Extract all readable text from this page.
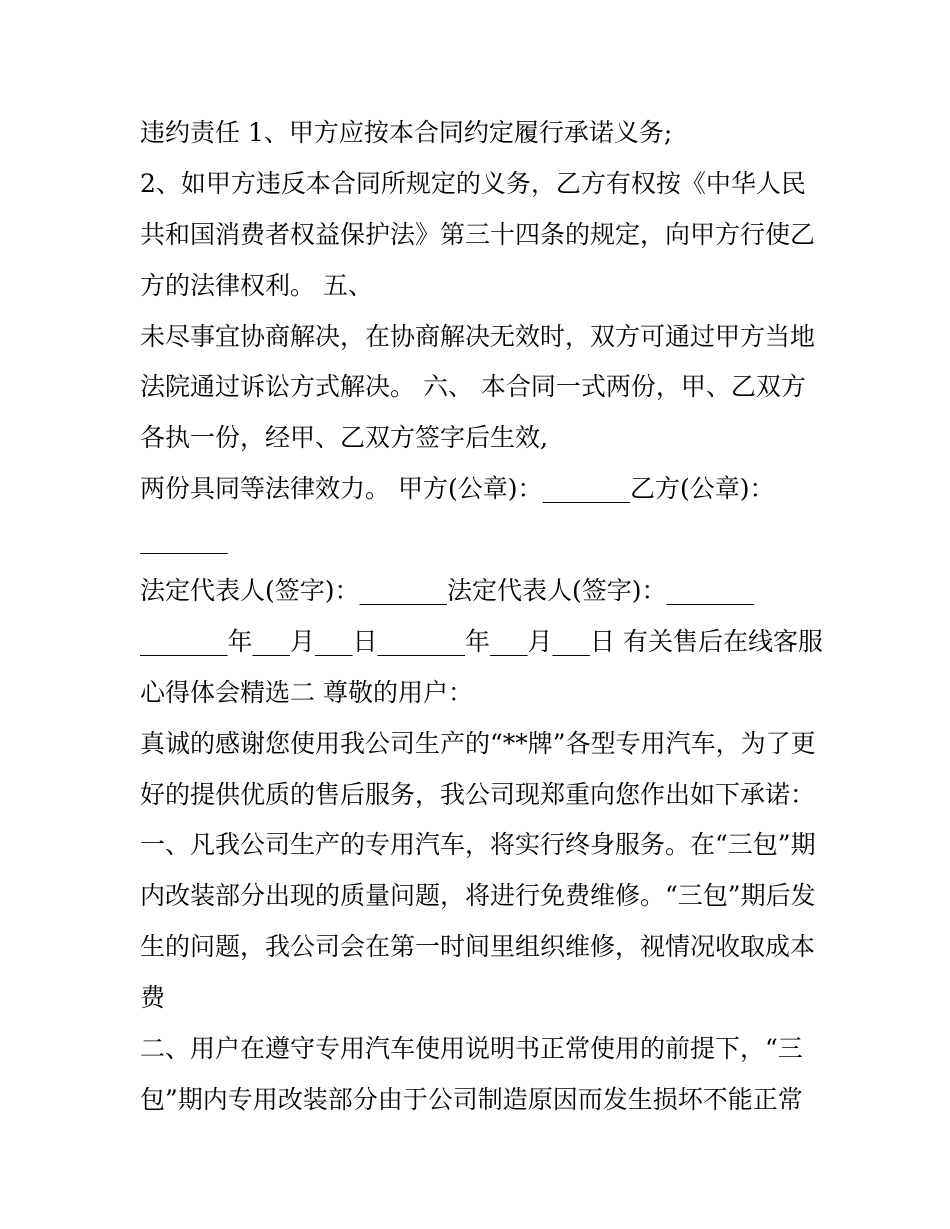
违约责任 1、甲方应按本合同约定履行承诺义务;
2、如甲方违反本合同所规定的义务，乙方有权按《中华人民
共和国消费者权益保护法》第三十四条的规定，向甲方行使乙
方的法律权利。 五、
未尽事宜协商解决，在协商解决无效时，双方可通过甲方当地
法院通过诉讼方式解决。 六、 本合同一式两份，甲、乙双方
各执一份，经甲、乙双方签字后生效,
两份具同等法律效力。 甲方(公章)：_______乙方(公章)：
_______
法定代表人(签字)：_______法定代表人(签字)：_______
_______年___月___日_______年___月___日 有关售后在线客服
心得体会精选二 尊敬的用户：
真诚的感谢您使用我公司生产的“**牌”各型专用汽车，为了更
好的提供优质的售后服务，我公司现郑重向您作出如下承诺：
一、凡我公司生产的专用汽车，将实行终身服务。在“三包”期
内改装部分出现的质量问题，将进行免费维修。“三包”期后发
生的问题，我公司会在第一时间里组织维修，视情况收取成本
费
二、用户在遵守专用汽车使用说明书正常使用的前提下，“三
包”期内专用改装部分由于公司制造原因而发生损坏不能正常
